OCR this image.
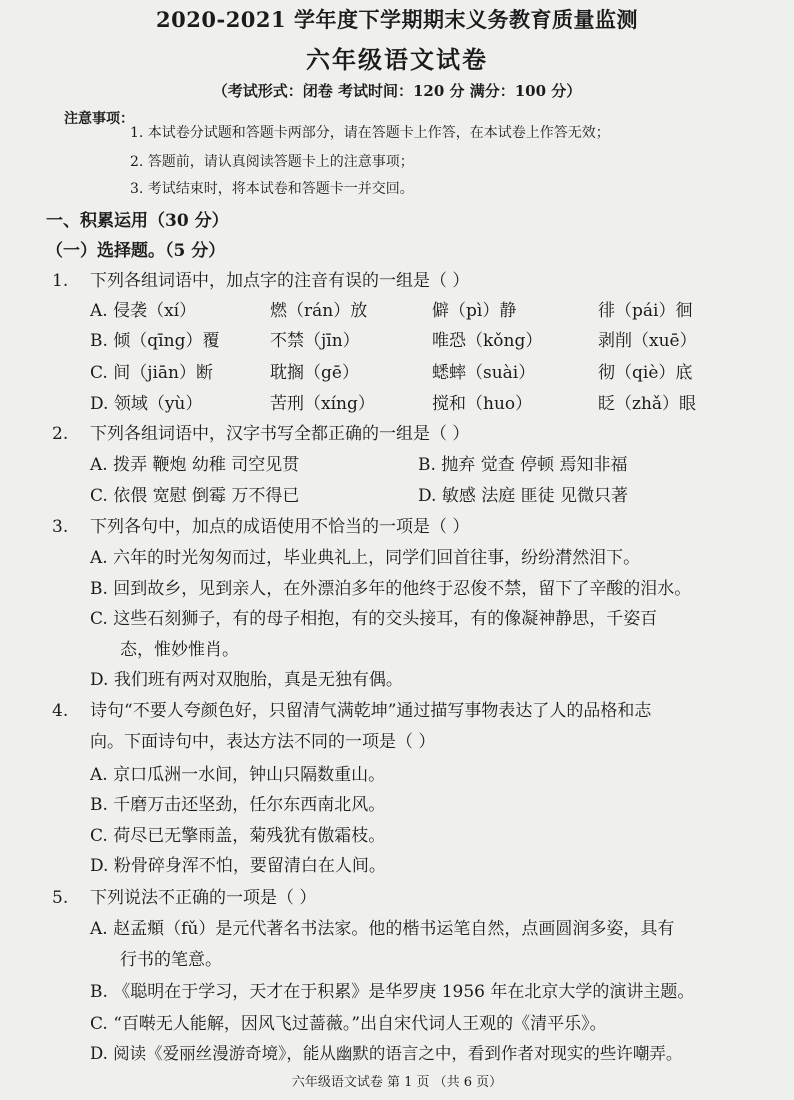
2020-2021 学年度下学期期末义务教育质量监测
六年级语文试卷
（考试形式：闭卷 考试时间：120 分 满分：100 分）
注意事项：
1. 本试卷分试题和答题卡两部分，请在答题卡上作答，在本试卷上作答无效；
2. 答题前，请认真阅读答题卡上的注意事项；
3. 考试结束时，将本试卷和答题卡一并交回。
一、积累运用（30 分）
（一）选择题。（5 分）
1. 下列各组词语中，加点字的注音有误的一组是（ ）
A. 侵袭（xí）	燃（rán）放	僻（pì）静	徘（pái）徊
B. 倾（qīng）覆	不禁（jīn）	唯恐（kǒng）	剥削（xuē）
C. 间（jiān）断	耽搁（gē）	蟋蟀（suài）	彻（qiè）底
D. 领域（yù）	苦刑（xíng）	搅和（huo）	眨（zhǎ）眼
2. 下列各组词语中，汉字书写全都正确的一组是（ ）
A. 拨弄 鞭炮 幼稚 司空见贯	B. 抛弃 觉查 停顿 焉知非福
C. 依偎 宽慰 倒霉 万不得已	D. 敏感 法庭 匪徒 见微只著
3. 下列各句中，加点的成语使用不恰当的一项是（ ）
A. 六年的时光匆匆而过，毕业典礼上，同学们回首往事，纷纷潸然泪下。
B. 回到故乡，见到亲人，在外漂泊多年的他终于忍俊不禁，留下了辛酸的泪水。
C. 这些石刻狮子，有的母子相抱，有的交头接耳，有的像凝神静思，千姿百
态，惟妙惟肖。
D. 我们班有两对双胞胎，真是无独有偶。
4. 诗句“不要人夸颜色好，只留清气满乾坤”通过描写事物表达了人的品格和志
向。下面诗句中，表达方法不同的一项是（ ）
A. 京口瓜洲一水间，钟山只隔数重山。
B. 千磨万击还坚劲，任尔东西南北风。
C. 荷尽已无擎雨盖，菊残犹有傲霜枝。
D. 粉骨碎身浑不怕，要留清白在人间。
5. 下列说法不正确的一项是（ ）
A. 赵孟頫（fǔ）是元代著名书法家。他的楷书运笔自然，点画圆润多姿，具有
行书的笔意。
B. 《聪明在于学习，天才在于积累》是华罗庚 1956 年在北京大学的演讲主题。
C. “百啭无人能解，因风飞过蔷薇。”出自宋代词人王观的《清平乐》。
D. 阅读《爱丽丝漫游奇境》，能从幽默的语言之中，看到作者对现实的些许嘲弄。
六年级语文试卷 第 1 页 （共 6 页）
